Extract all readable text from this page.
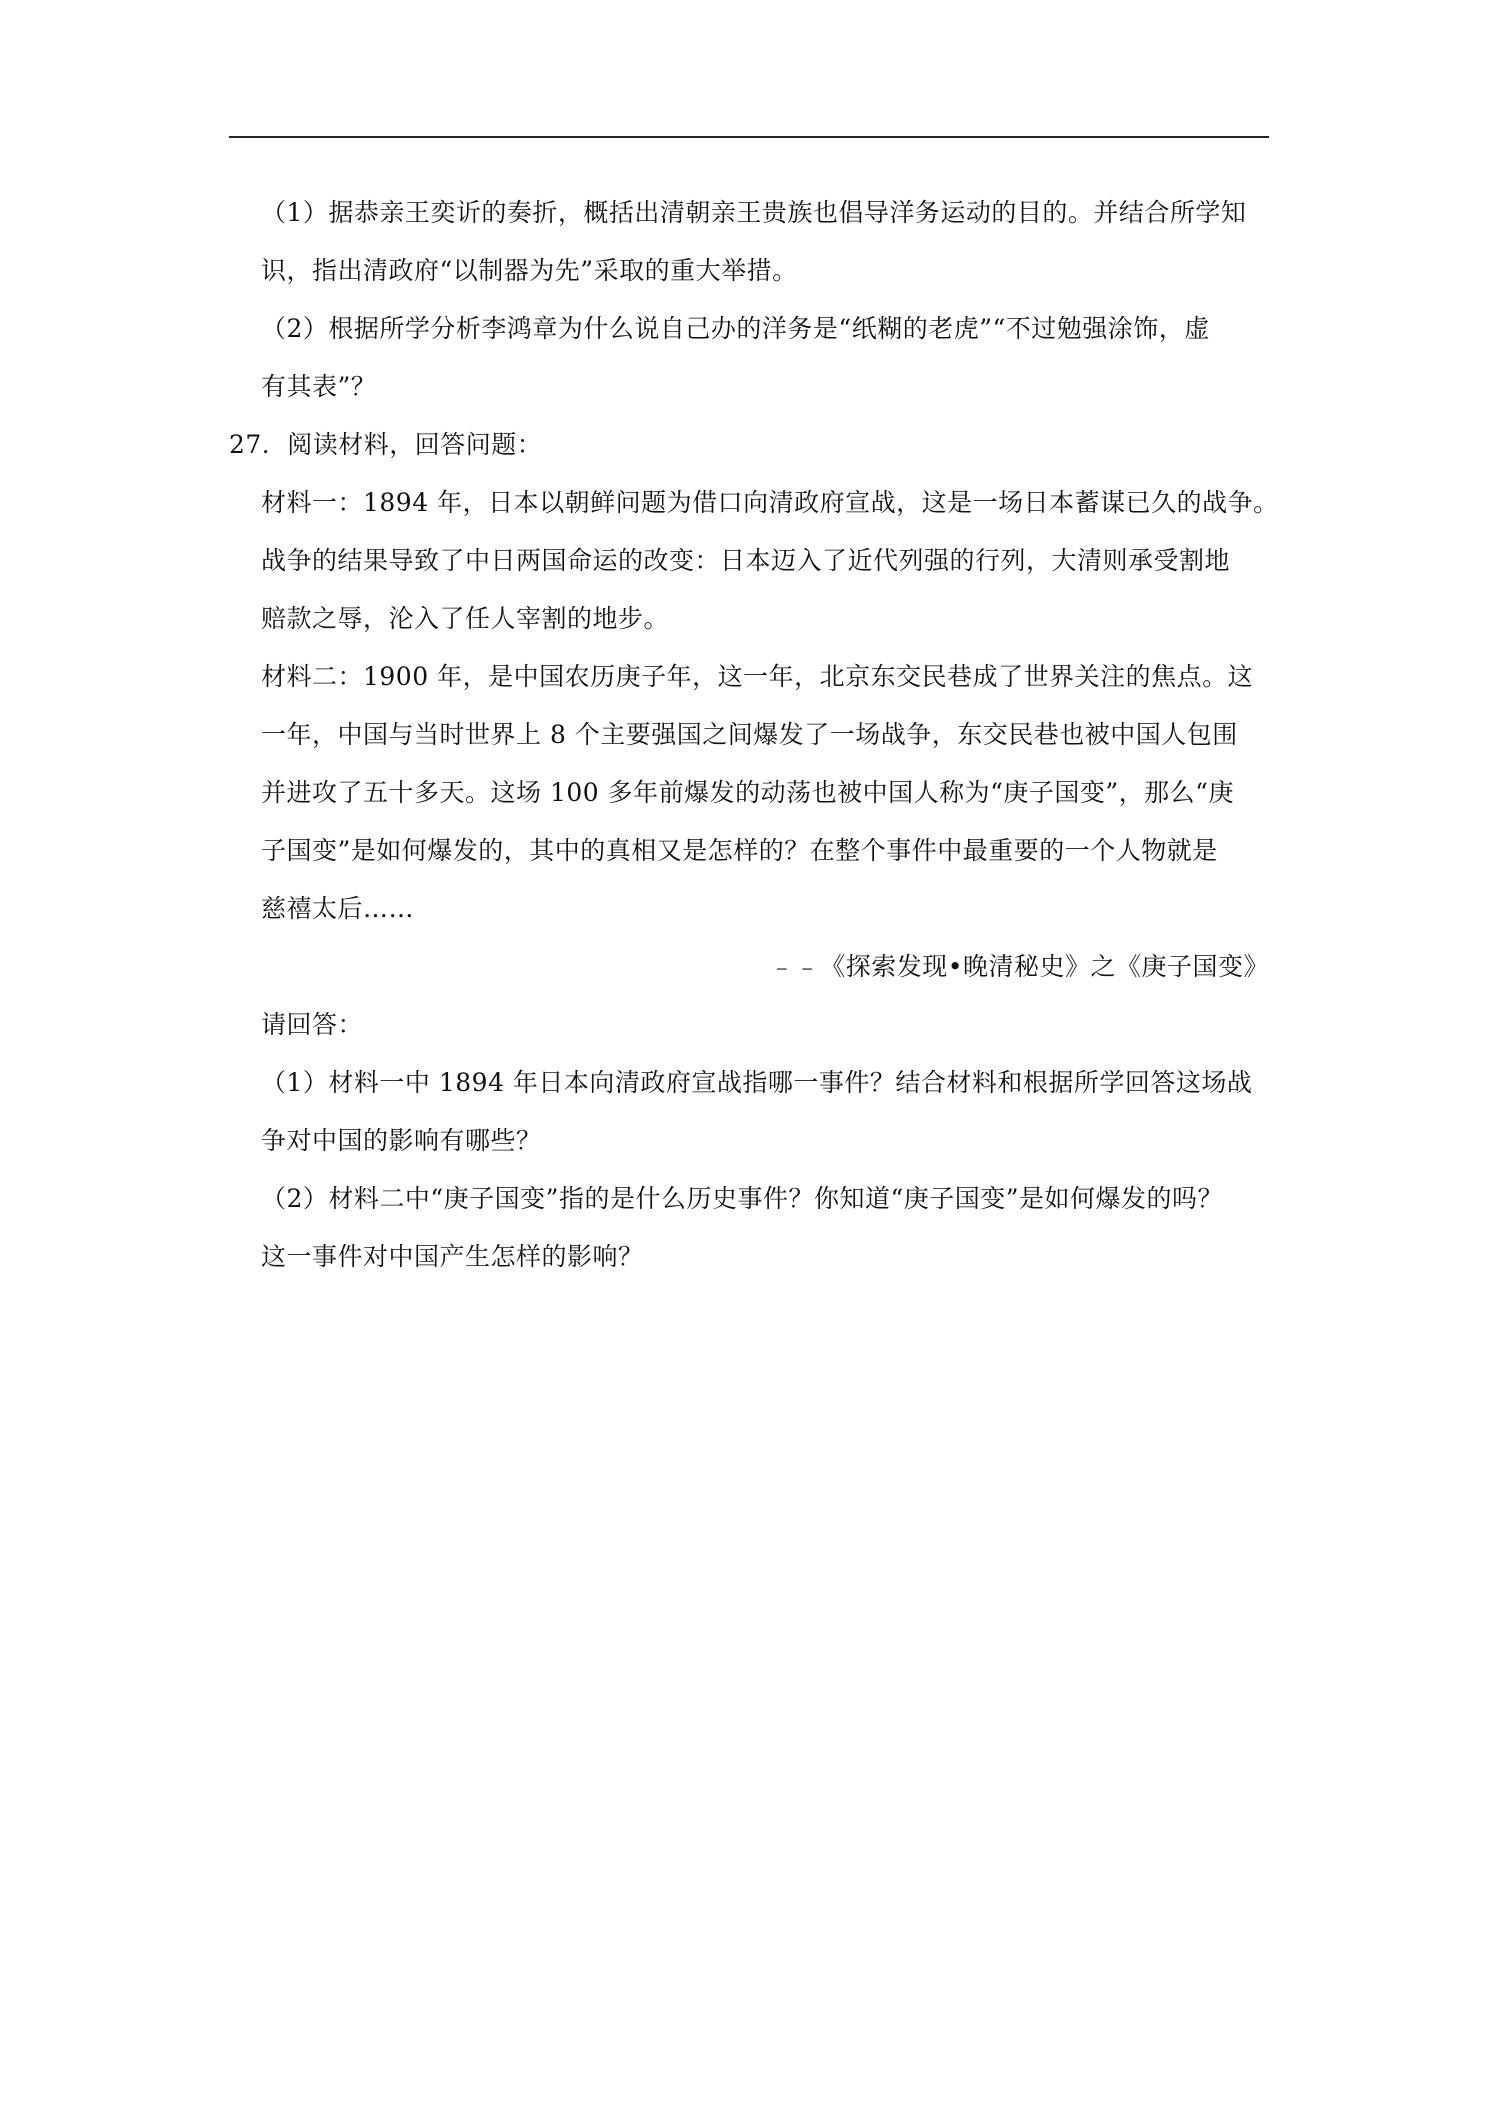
（1）据恭亲王奕䜣的奏折，概括出清朝亲王贵族也倡导洋务运动的目的。并结合所学知
识，指出清政府“以制器为先”采取的重大举措。
（2）根据所学分析李鸿章为什么说自己办的洋务是“纸糊的老虎”“不过勉强涂饰，虚
有其表”？
27．阅读材料，回答问题：
材料一：1894 年，日本以朝鲜问题为借口向清政府宣战，这是一场日本蓄谋已久的战争。
战争的结果导致了中日两国命运的改变：日本迈入了近代列强的行列，大清则承受割地
赔款之辱，沦入了任人宰割的地步。
材料二：1900 年，是中国农历庚子年，这一年，北京东交民巷成了世界关注的焦点。这
一年，中国与当时世界上 8 个主要强国之间爆发了一场战争，东交民巷也被中国人包围
并进攻了五十多天。这场 100 多年前爆发的动荡也被中国人称为“庚子国变”，那么“庚
子国变”是如何爆发的，其中的真相又是怎样的？在整个事件中最重要的一个人物就是
慈禧太后……
﹣﹣《探索发现•晚清秘史》之《庚子国变》
请回答：
（1）材料一中 1894 年日本向清政府宣战指哪一事件？结合材料和根据所学回答这场战
争对中国的影响有哪些？
（2）材料二中“庚子国变”指的是什么历史事件？你知道“庚子国变”是如何爆发的吗？
这一事件对中国产生怎样的影响？
